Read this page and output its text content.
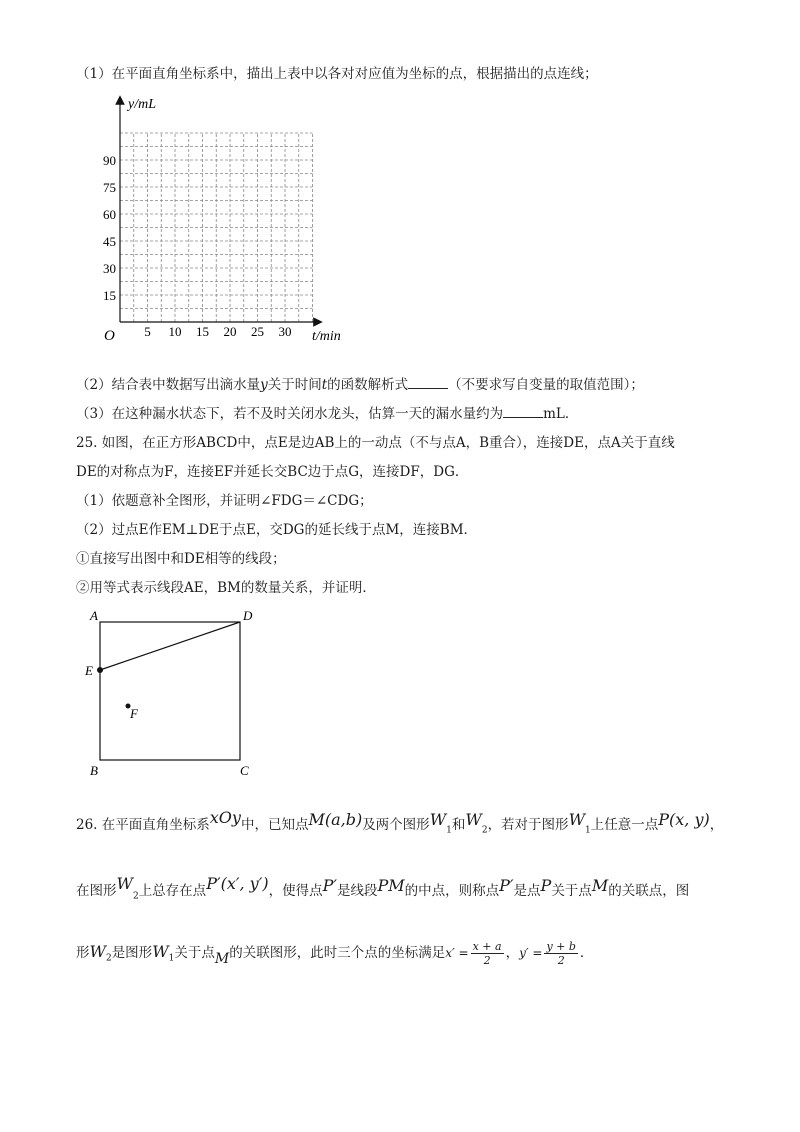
（1）在平面直角坐标系中，描出上表中以各对对应值为坐标的点，根据描出的点连线；
y/mL
t/min
O 5 10 15 20 25 30
15
30
45
60
75
90
（2）结合表中数据写出滴水量y关于时间t的函数解析式	（不要求写自变量的取值范围）；
（3）在这种漏水状态下，若不及时关闭水龙头，估算一天的漏水量约为	mL．
25. 如图，在正方形ABCD中，点E是边AB上的一动点（不与点A，B重合），连接DE，点A关于直线
DE的对称点为F，连接EF并延长交BC边于点G，连接DF，DG．
（1）依题意补全图形，并证明∠FDG＝∠CDG；
（2）过点E作EM⊥DE于点E，交DG的延长线于点M，连接BM．
①直接写出图中和DE相等的线段；
②用等式表示线段AE，BM的数量关系，并证明．
A	D
E
F
B	C
26. 在平面直角坐标系xOy中，已知点M(a,b)及两个图形$W_1$和$W_2$，若对于图形$W_1$上任意一点P(x, y)，
在图形$W_2$上总存在点P′(x′, y′)，使得点P′是线段PM的中点，则称点P′是点P关于点M的关联点，图
形$W_2$是图形$W_1$关于点M的关联图形，此时三个点的坐标满足$x' = \frac{x + a}{2}$ ，$y' = \frac{y + b}{2}$ ．
